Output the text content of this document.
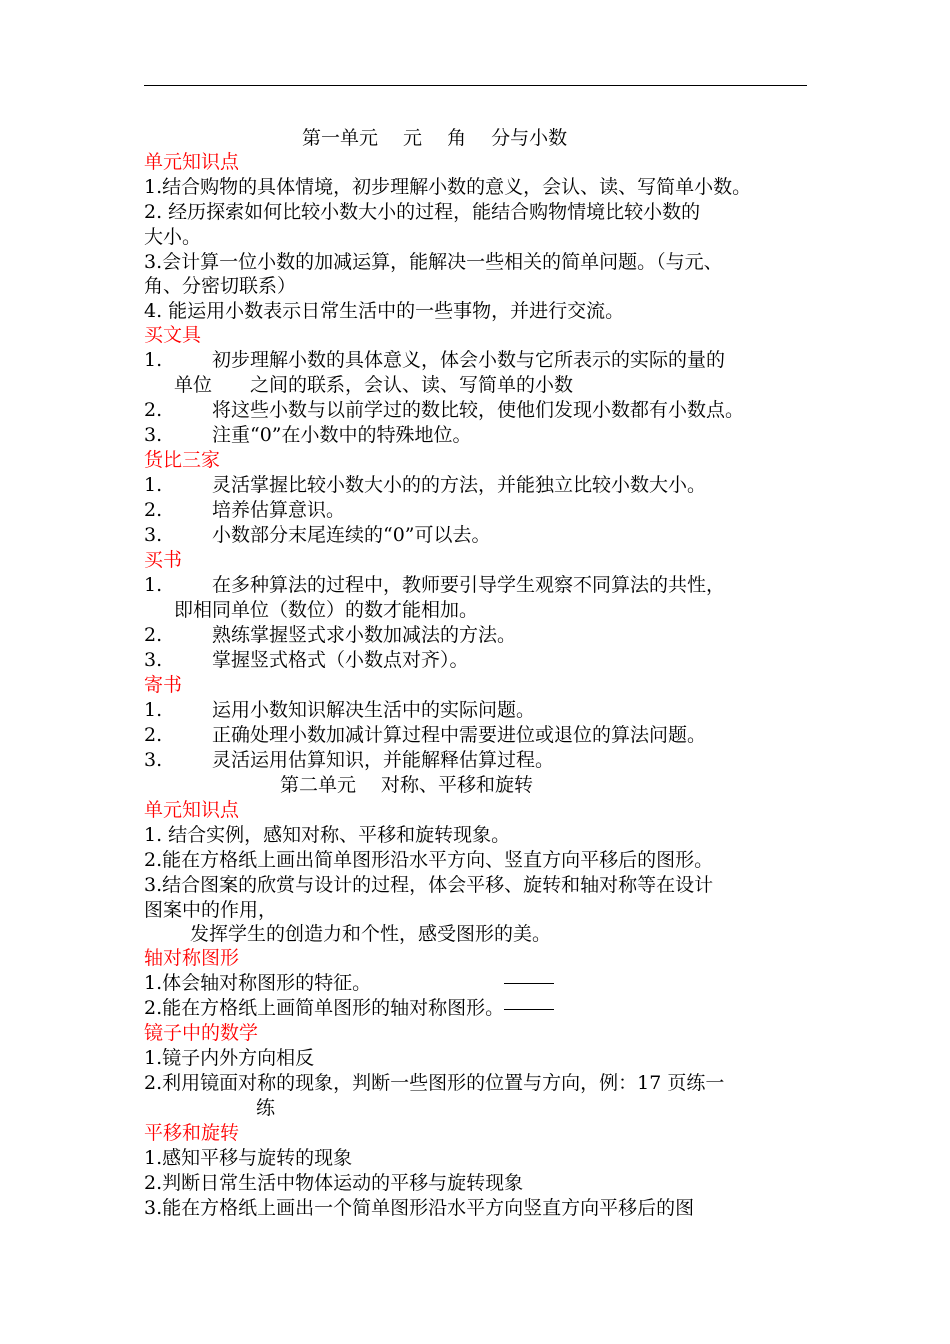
第一单元　 元　 角　 分与小数
单元知识点
1.结合购物的具体情境，初步理解小数的意义，会认、读、写简单小数。
2. 经历探索如何比较小数大小的过程，能结合购物情境比较小数的
大小。
3.会计算一位小数的加减运算，能解决一些相关的简单问题。（与元、
角、分密切联系）
4. 能运用小数表示日常生活中的一些事物，并进行交流。
买文具
1.	初步理解小数的具体意义，体会小数与它所表示的实际的量的
单位　　之间的联系，会认、读、写简单的小数
2.	将这些小数与以前学过的数比较，使他们发现小数都有小数点。
3.	注重“0”在小数中的特殊地位。
货比三家
1.	灵活掌握比较小数大小的的方法，并能独立比较小数大小。
2.	培养估算意识。
3.	小数部分末尾连续的“0”可以去。
买书
1.	在多种算法的过程中，教师要引导学生观察不同算法的共性，
即相同单位（数位）的数才能相加。
2.	熟练掌握竖式求小数加减法的方法。
3.	掌握竖式格式（小数点对齐）。
寄书
1.	运用小数知识解决生活中的实际问题。
2.	正确处理小数加减计算过程中需要进位或退位的算法问题。
3.	灵活运用估算知识，并能解释估算过程。
第二单元　 对称、平移和旋转
单元知识点
1. 结合实例，感知对称、平移和旋转现象。
2.能在方格纸上画出简单图形沿水平方向、竖直方向平移后的图形。
3.结合图案的欣赏与设计的过程，体会平移、旋转和轴对称等在设计
图案中的作用，
发挥学生的创造力和个性，感受图形的美。
轴对称图形
1.体会轴对称图形的特征。
2.能在方格纸上画简单图形的轴对称图形。
镜子中的数学
1.镜子内外方向相反
2.利用镜面对称的现象，判断一些图形的位置与方向，例：17 页练一
练
平移和旋转
1.感知平移与旋转的现象
2.判断日常生活中物体运动的平移与旋转现象
3.能在方格纸上画出一个简单图形沿水平方向竖直方向平移后的图
